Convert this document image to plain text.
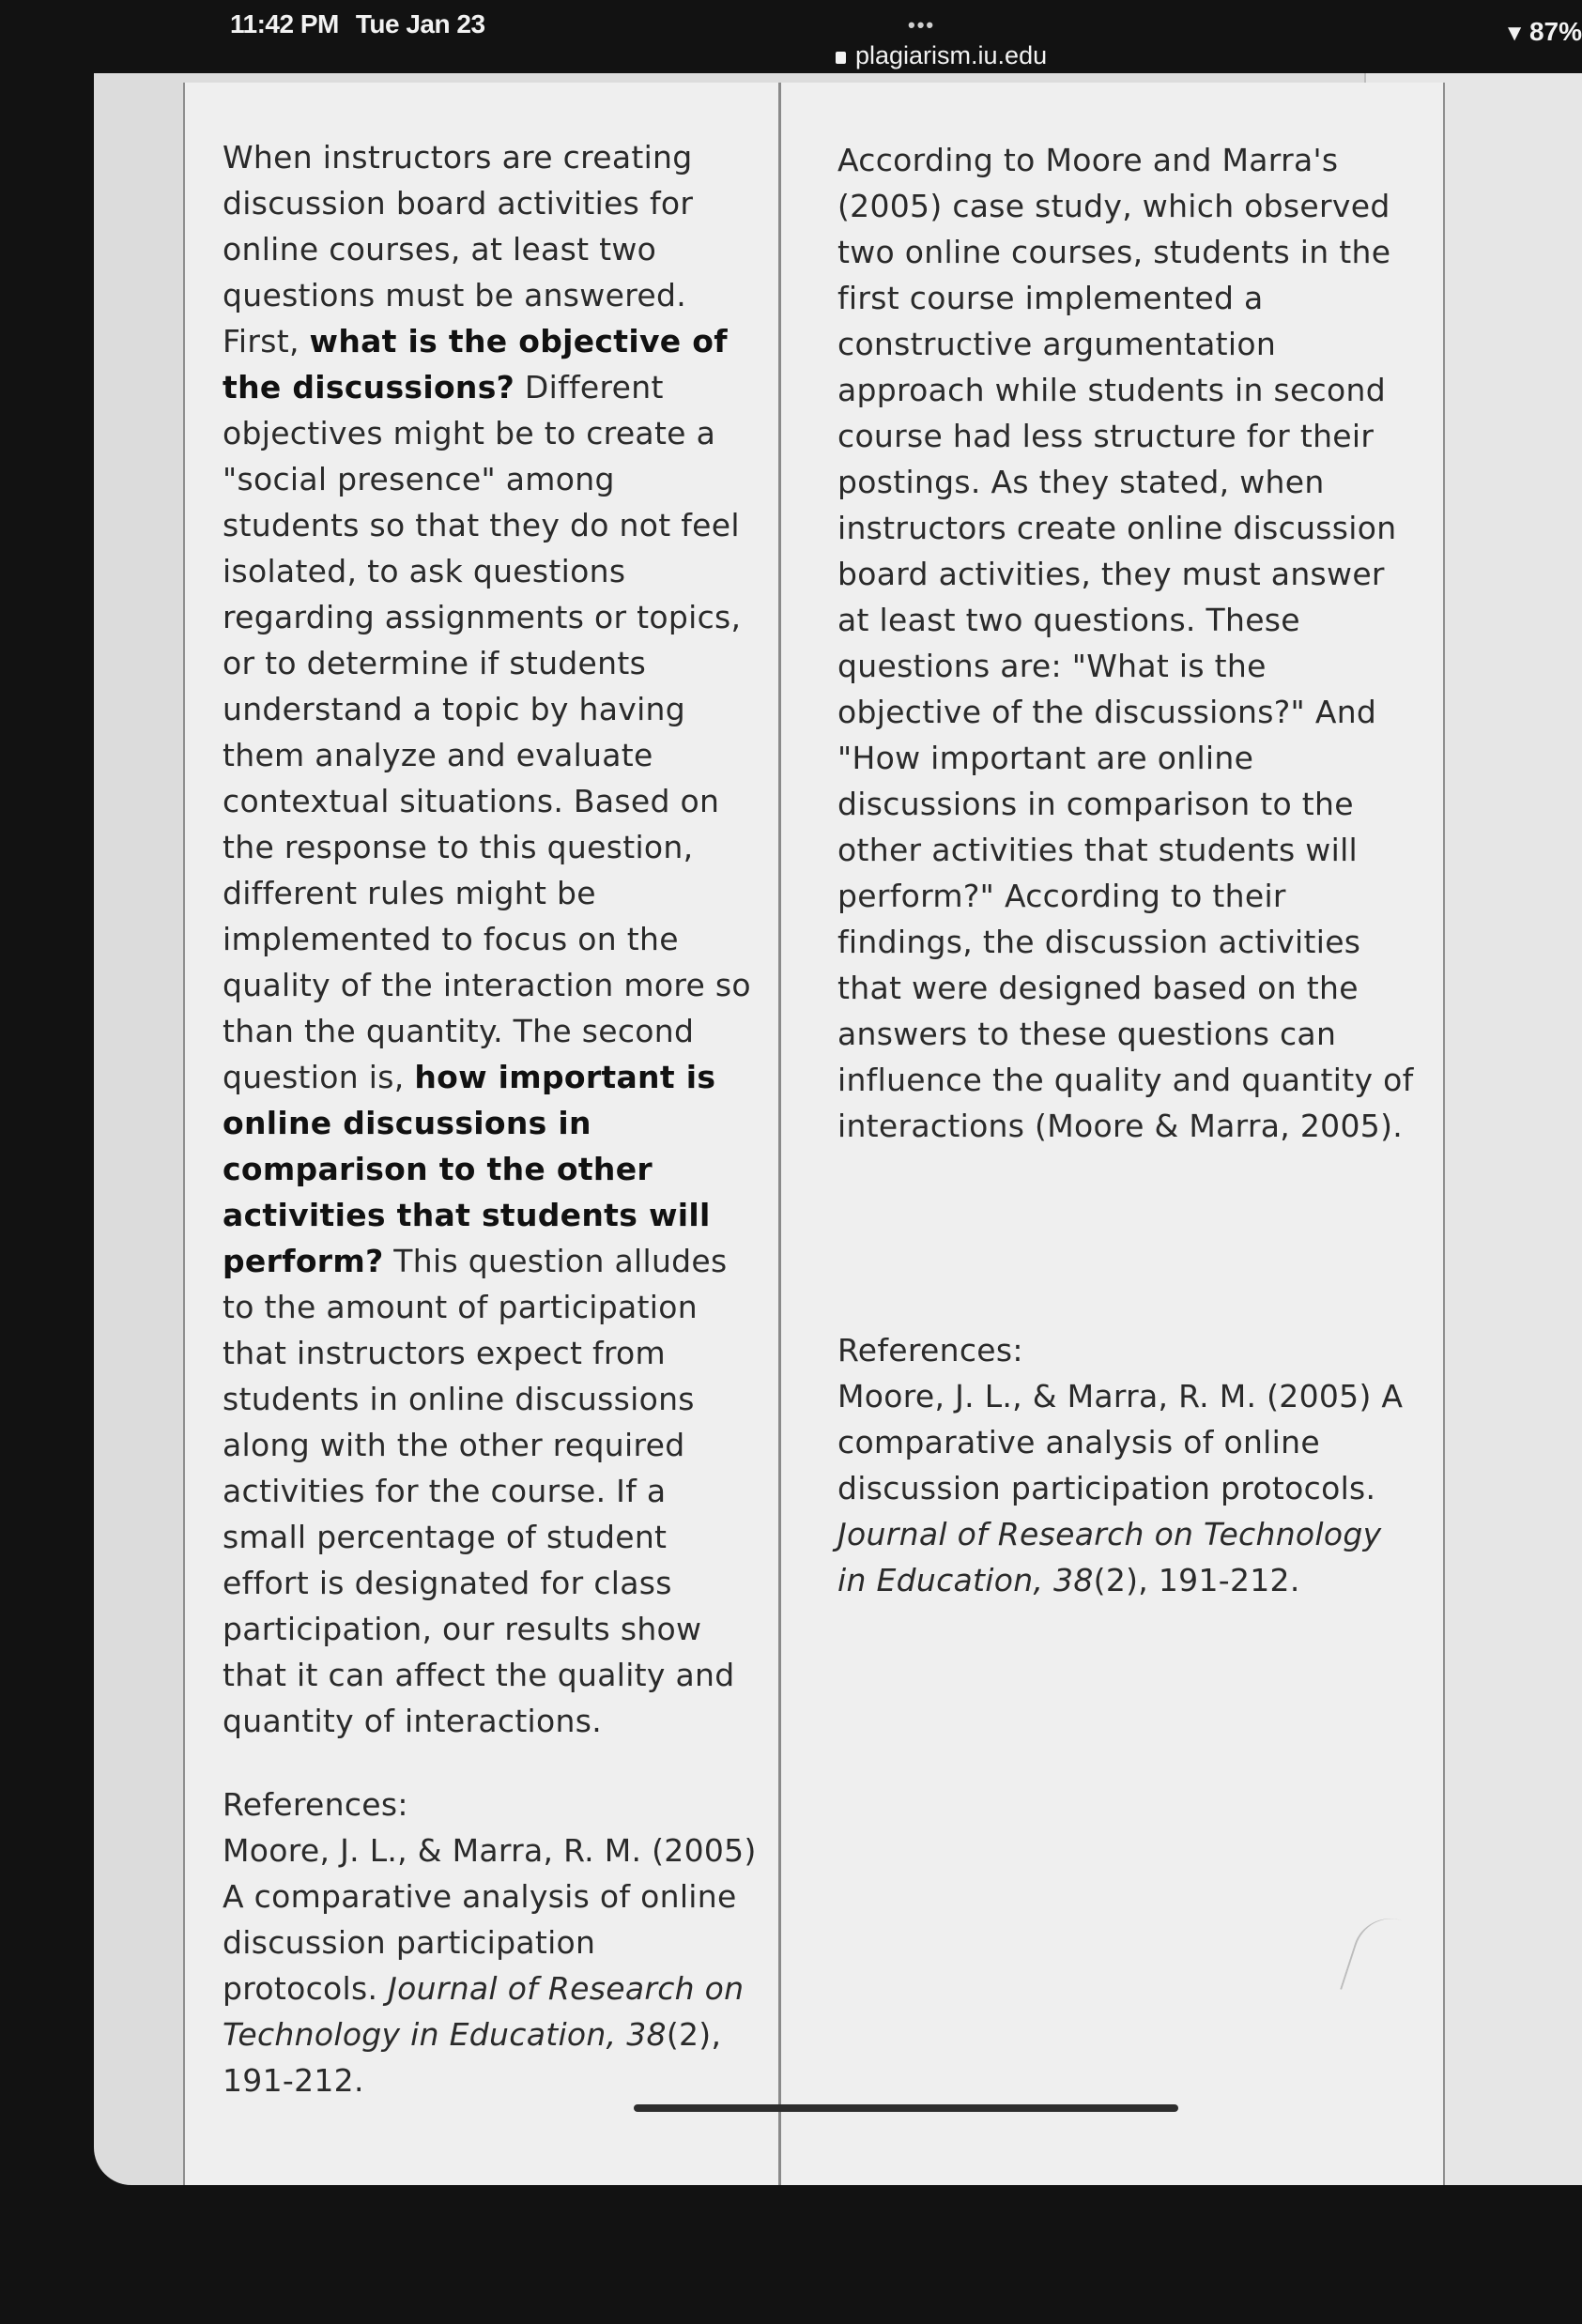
11:42 PM Tue Jan 23	•••
plagiarism.iu.edu
▼ 87%

When instructors are creating discussion board activities for online courses, at least two questions must be answered. First, what is the objective of the discussions? Different objectives might be to create a "social presence" among students so that they do not feel isolated, to ask questions regarding assignments or topics, or to determine if students understand a topic by having them analyze and evaluate contextual situations. Based on the response to this question, different rules might be implemented to focus on the quality of the interaction more so than the quantity. The second question is, how important is online discussions in comparison to the other activities that students will perform? This question alludes to the amount of participation that instructors expect from students in online discussions along with the other required activities for the course. If a small percentage of student effort is designated for class participation, our results show that it can affect the quality and quantity of interactions.

References:

Moore, J. L., & Marra, R. M. (2005) A comparative analysis of online discussion participation protocols. Journal of Research on Technology in Education, 38(2), 191-212.

According to Moore and Marra's (2005) case study, which observed two online courses, students in the first course implemented a constructive argumentation approach while students in second course had less structure for their postings. As they stated, when instructors create online discussion board activities, they must answer at least two questions. These questions are: "What is the objective of the discussions?" And "How important are online discussions in comparison to the other activities that students will perform?" According to their findings, the discussion activities that were designed based on the answers to these questions can influence the quality and quantity of interactions (Moore & Marra, 2005).

References:

Moore, J. L., & Marra, R. M. (2005) A comparative analysis of online discussion participation protocols. Journal of Research on Technology in Education, 38(2), 191-212.
